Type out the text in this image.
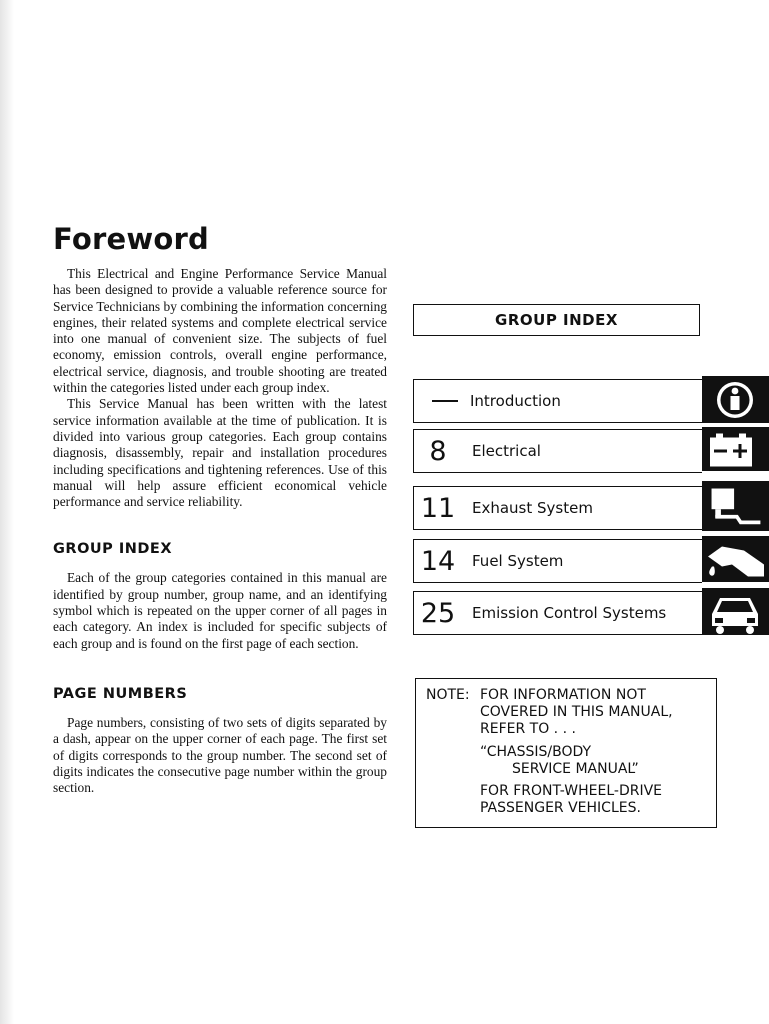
Foreword

This Electrical and Engine Performance Service Manual has been designed to provide a valuable reference source for Service Technicians by combining the information concerning engines, their related systems and complete electrical service into one manual of convenient size. The subjects of fuel economy, emission controls, overall engine performance, electrical service, diagnosis, and trouble shooting are treated within the categories listed under each group index.

This Service Manual has been written with the latest service information available at the time of publication. It is divided into various group categories. Each group contains diagnosis, disassembly, repair and installation procedures including specifications and tightening references. Use of this manual will help assure efficient economical vehicle performance and service reliability.

GROUP INDEX

Each of the group categories contained in this manual are identified by group number, group name, and an identifying symbol which is repeated on the upper corner of all pages in each category. An index is included for specific subjects of each group and is found on the first page of each section.

PAGE NUMBERS

Page numbers, consisting of two sets of digits separated by a dash, appear on the upper corner of each page. The first set of digits corresponds to the group number. The second set of digits indicates the consecutive page number within the group section.

GROUP INDEX
Introduction
8	Electrical
11	Exhaust System
14	Fuel System
25	Emission Control Systems
NOTE: FOR INFORMATION NOT
COVERED IN THIS MANUAL,
REFER TO . . .
“CHASSIS/BODY
SERVICE MANUAL”
FOR FRONT-WHEEL-DRIVE
PASSENGER VEHICLES.
